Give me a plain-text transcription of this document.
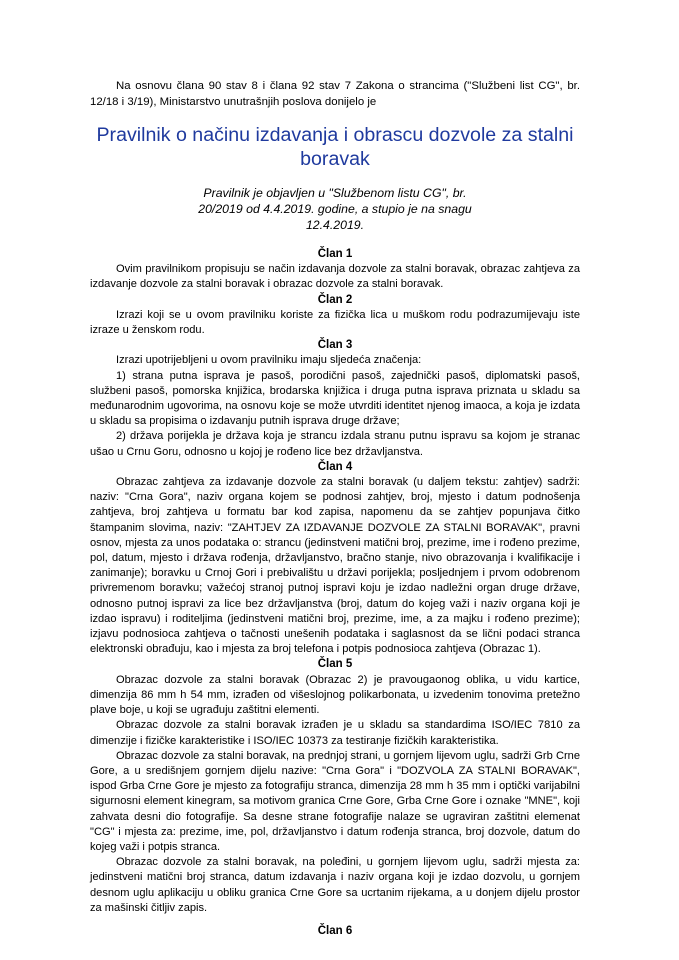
Na osnovu člana 90 stav 8 i člana 92 stav 7 Zakona o strancima ("Službeni list CG", br. 12/18 i 3/19), Ministarstvo unutrašnjih poslova donijelo je

Pravilnik o načinu izdavanja i obrascu dozvole za stalni boravak

Pravilnik je objavljen u "Službenom listu CG", br. 20/2019 od 4.4.2019. godine, a stupio je na snagu 12.4.2019.

Član 1

Ovim pravilnikom propisuju se način izdavanja dozvole za stalni boravak, obrazac zahtjeva za izdavanje dozvole za stalni boravak i obrazac dozvole za stalni boravak.

Član 2

Izrazi koji se u ovom pravilniku koriste za fizička lica u muškom rodu podrazumijevaju iste izraze u ženskom rodu.

Član 3

Izrazi upotrijebljeni u ovom pravilniku imaju sljedeća značenja:

1) strana putna isprava je pasoš, porodični pasoš, zajednički pasoš, diplomatski pasoš, službeni pasoš, pomorska knjižica, brodarska knjižica i druga putna isprava priznata u skladu sa međunarodnim ugovorima, na osnovu koje se može utvrditi identitet njenog imaoca, a koja je izdata u skladu sa propisima o izdavanju putnih isprava druge države;

2) država porijekla je država koja je strancu izdala stranu putnu ispravu sa kojom je stranac ušao u Crnu Goru, odnosno u kojoj je rođeno lice bez državljanstva.

Član 4

Obrazac zahtjeva za izdavanje dozvole za stalni boravak (u daljem tekstu: zahtjev) sadrži: naziv: "Crna Gora", naziv organa kojem se podnosi zahtjev, broj, mjesto i datum podnošenja zahtjeva, broj zahtjeva u formatu bar kod zapisa, napomenu da se zahtjev popunjava čitko štampanim slovima, naziv: "ZAHTJEV ZA IZDAVANJE DOZVOLE ZA STALNI BORAVAK", pravni osnov, mjesta za unos podataka o: strancu (jedinstveni matični broj, prezime, ime i rođeno prezime, pol, datum, mjesto i država rođenja, državljanstvo, bračno stanje, nivo obrazovanja i kvalifikacije i zanimanje); boravku u Crnoj Gori i prebivalištu u državi porijekla; posljednjem i prvom odobrenom privremenom boravku; važećoj stranoj putnoj ispravi koju je izdao nadležni organ druge države, odnosno putnoj ispravi za lice bez državljanstva (broj, datum do kojeg važi i naziv organa koji je izdao ispravu) i roditeljima (jedinstveni matični broj, prezime, ime, a za majku i rođeno prezime); izjavu podnosioca zahtjeva o tačnosti unešenih podataka i saglasnost da se lični podaci stranca elektronski obrađuju, kao i mjesta za broj telefona i potpis podnosioca zahtjeva (Obrazac 1).

Član 5

Obrazac dozvole za stalni boravak (Obrazac 2) je pravougaonog oblika, u vidu kartice, dimenzija 86 mm h 54 mm, izrađen od višeslojnog polikarbonata, u izvedenim tonovima pretežno plave boje, u koji se ugrađuju zaštitni elementi.

Obrazac dozvole za stalni boravak izrađen je u skladu sa standardima ISO/IEC 7810 za dimenzije i fizičke karakteristike i ISO/IEC 10373 za testiranje fizičkih karakteristika.

Obrazac dozvole za stalni boravak, na prednjoj strani, u gornjem lijevom uglu, sadrži Grb Crne Gore, a u središnjem gornjem dijelu nazive: "Crna Gora" i "DOZVOLA ZA STALNI BORAVAK", ispod Grba Crne Gore je mjesto za fotografiju stranca, dimenzija 28 mm h 35 mm i optički varijabilni sigurnosni element kinegram, sa motivom granica Crne Gore, Grba Crne Gore i oznake "MNE", koji zahvata desni dio fotografije. Sa desne strane fotografije nalaze se ugraviran zaštitni elemenat "CG" i mjesta za: prezime, ime, pol, državljanstvo i datum rođenja stranca, broj dozvole, datum do kojeg važi i potpis stranca.

Obrazac dozvole za stalni boravak, na poleđini, u gornjem lijevom uglu, sadrži mjesta za: jedinstveni matični broj stranca, datum izdavanja i naziv organa koji je izdao dozvolu, u gornjem desnom uglu aplikaciju u obliku granica Crne Gore sa ucrtanim rijekama, a u donjem dijelu prostor za mašinski čitljiv zapis.

Član 6
